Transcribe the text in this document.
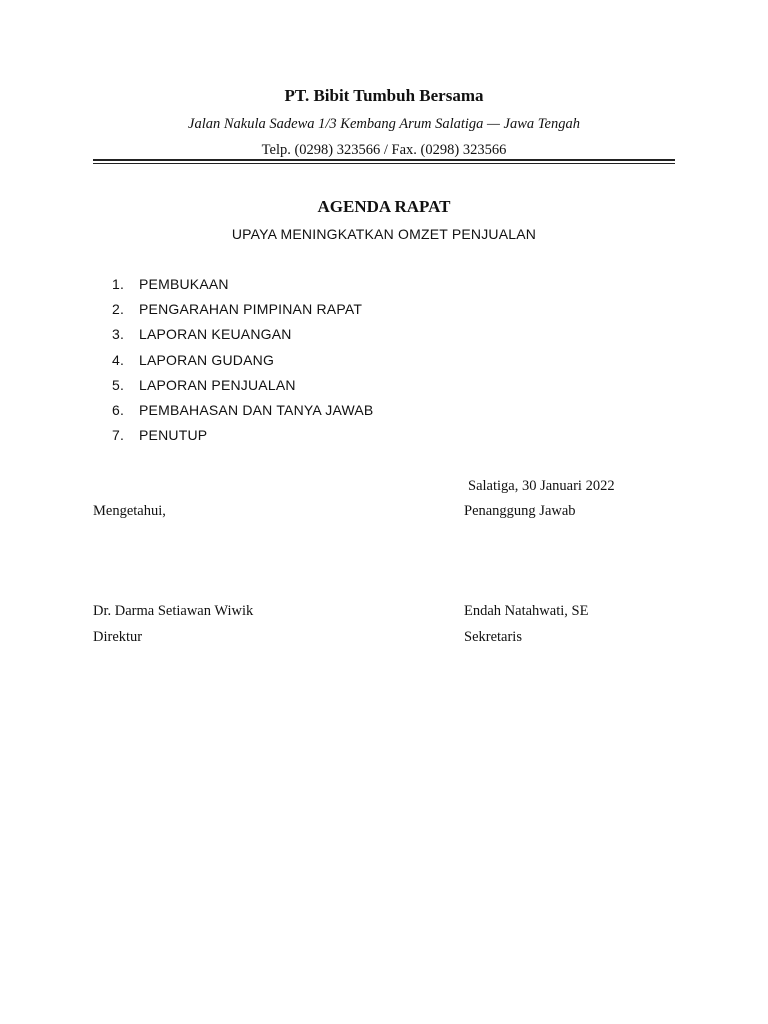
PT. Bibit Tumbuh Bersama
Jalan Nakula Sadewa 1/3 Kembang Arum Salatiga — Jawa Tengah
Telp. (0298) 323566 / Fax. (0298) 323566
AGENDA RAPAT
UPAYA MENINGKATKAN OMZET PENJUALAN
1.	PEMBUKAAN
2.	PENGARAHAN PIMPINAN RAPAT
3.	LAPORAN KEUANGAN
4.	LAPORAN GUDANG
5.	LAPORAN PENJUALAN
6.	PEMBAHASAN DAN TANYA JAWAB
7.	PENUTUP
Salatiga, 30 Januari 2022
Mengetahui,	Penanggung Jawab
Dr. Darma Setiawan Wiwik	Endah Natahwati, SE
Direktur	Sekretaris
